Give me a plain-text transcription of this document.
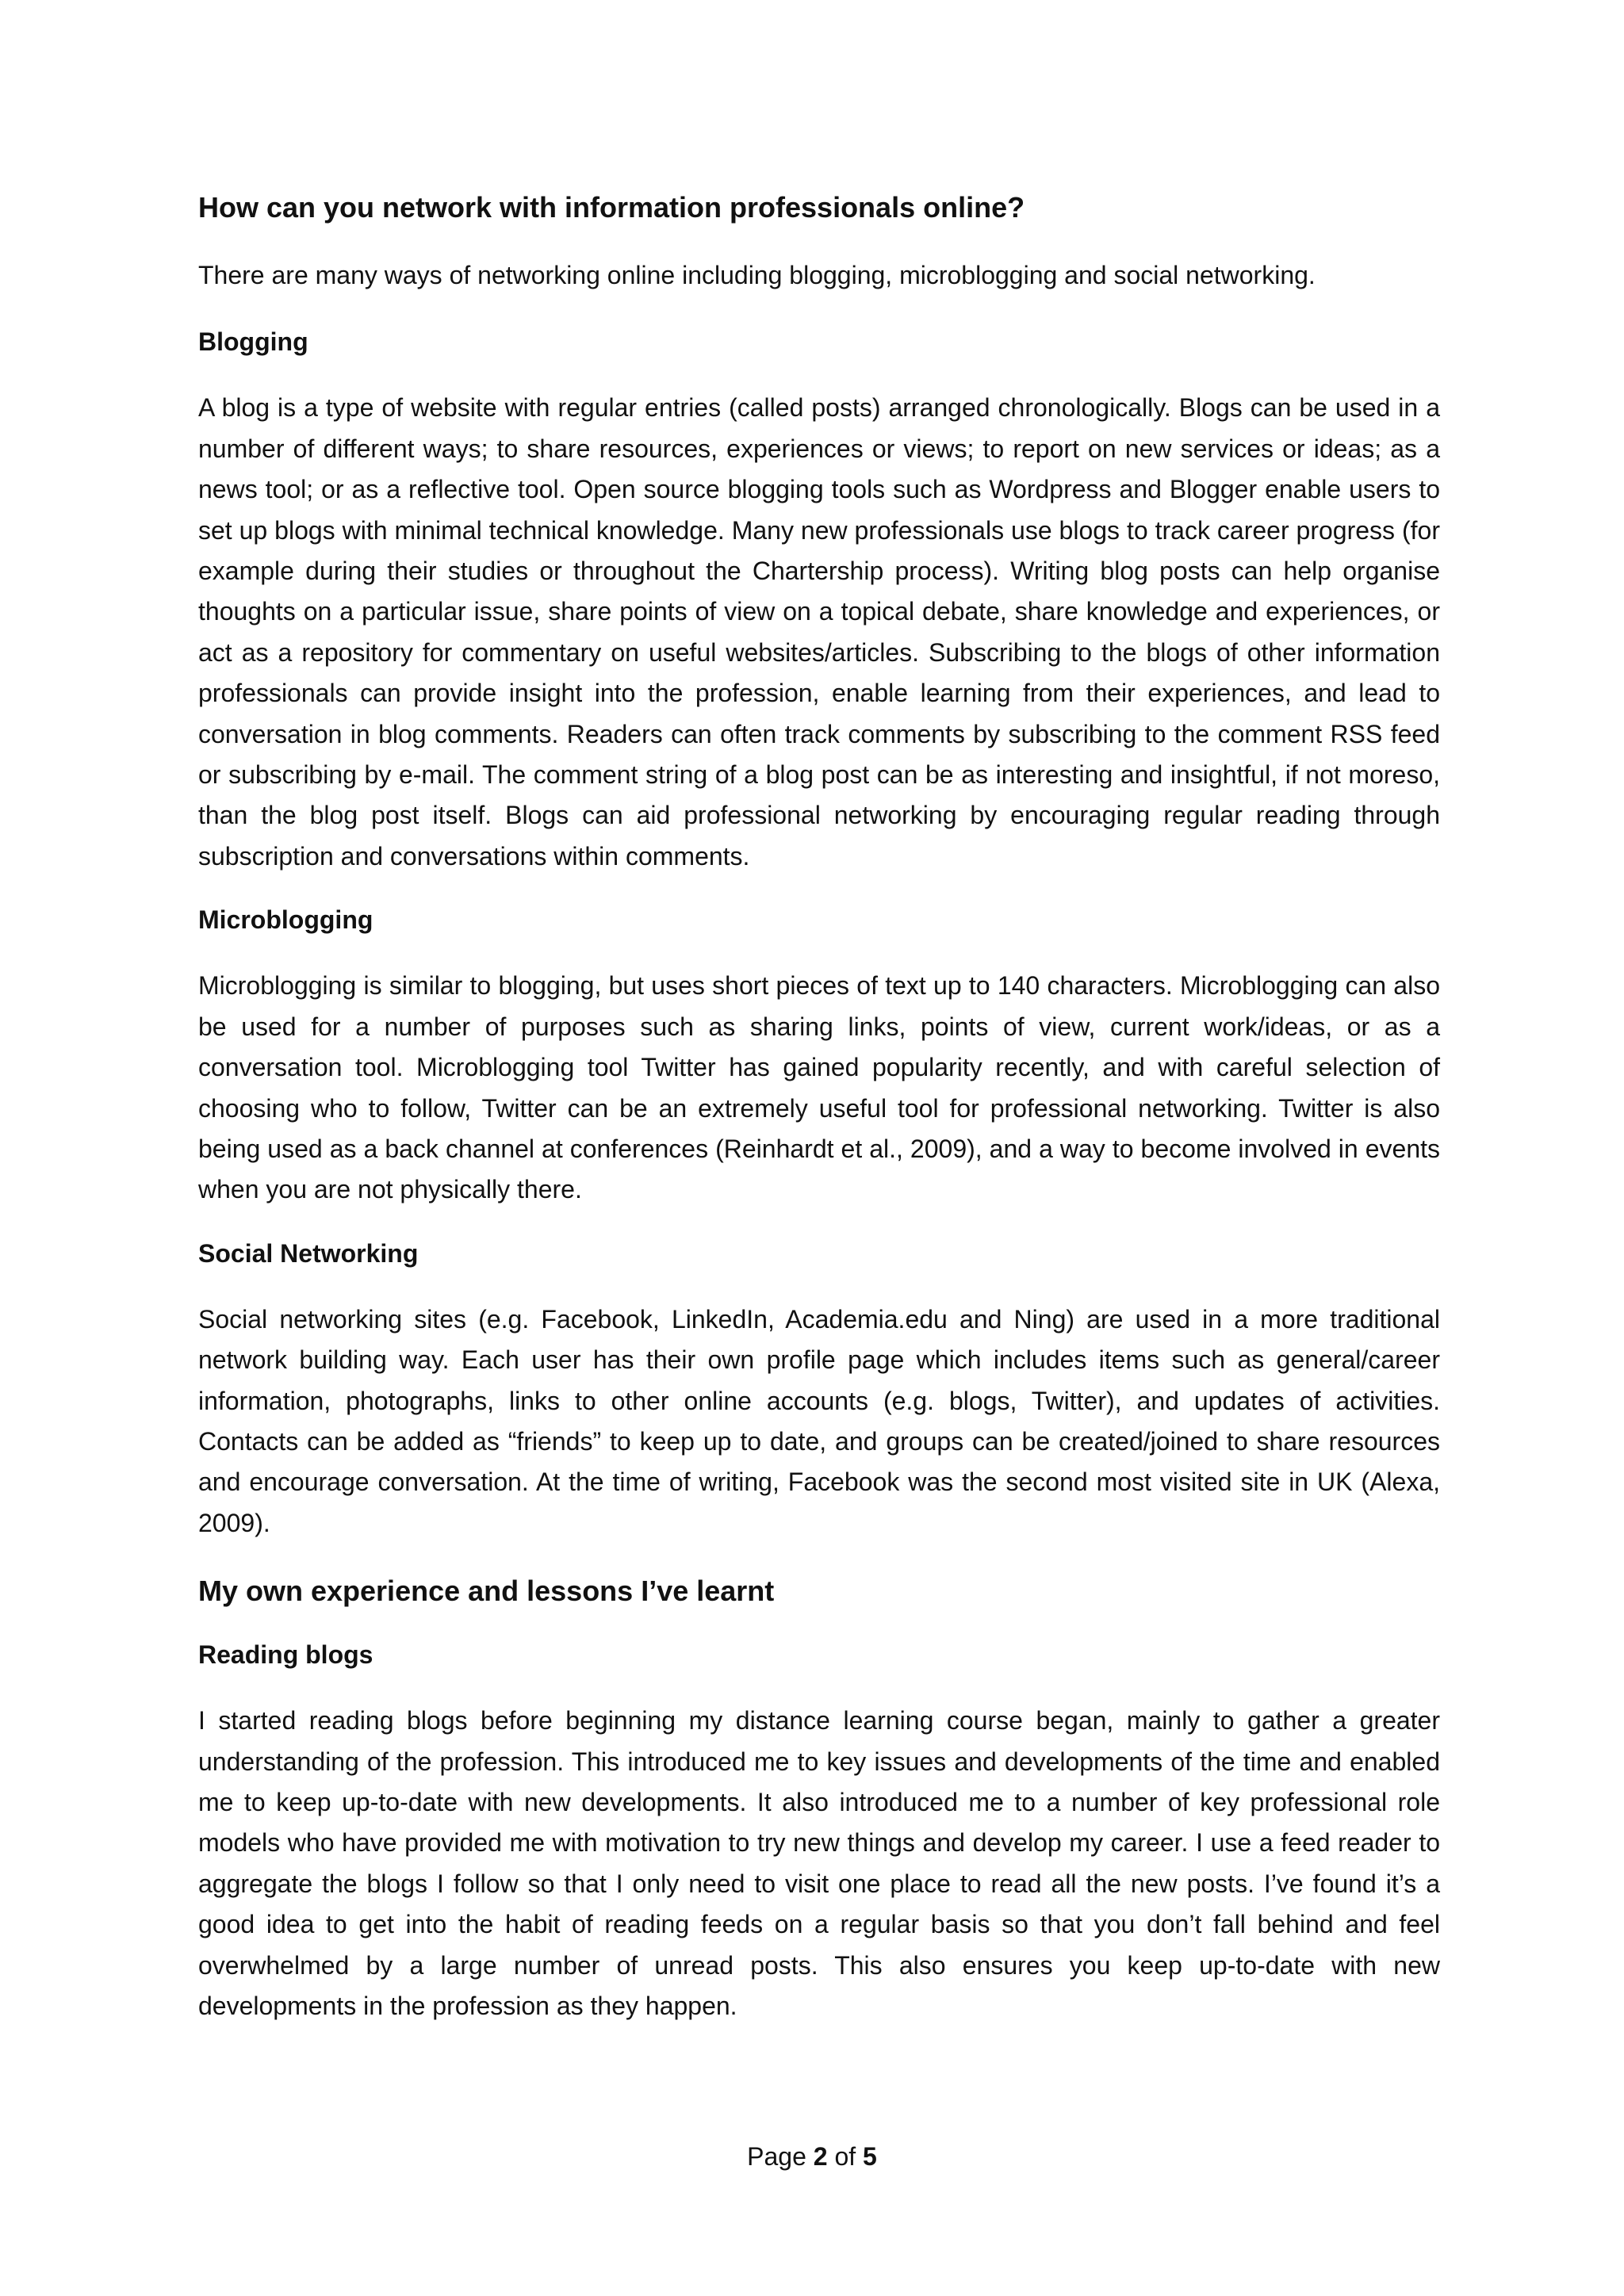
How can you network with information professionals online?
There are many ways of networking online including blogging, microblogging and social networking.
Blogging
A blog is a type of website with regular entries (called posts) arranged chronologically. Blogs can be used in a number of different ways; to share resources, experiences or views; to report on new services or ideas; as a news tool; or as a reflective tool. Open source blogging tools such as Wordpress and Blogger enable users to set up blogs with minimal technical knowledge. Many new professionals use blogs to track career progress (for example during their studies or throughout the Chartership process). Writing blog posts can help organise thoughts on a particular issue, share points of view on a topical debate, share knowledge and experiences, or act as a repository for commentary on useful websites/articles. Subscribing to the blogs of other information professionals can provide insight into the profession, enable learning from their experiences, and lead to conversation in blog comments. Readers can often track comments by subscribing to the comment RSS feed or subscribing by e-mail. The comment string of a blog post can be as interesting and insightful, if not moreso, than the blog post itself. Blogs can aid professional networking by encouraging regular reading through subscription and conversations within comments.
Microblogging
Microblogging is similar to blogging, but uses short pieces of text up to 140 characters. Microblogging can also be used for a number of purposes such as sharing links, points of view, current work/ideas, or as a conversation tool. Microblogging tool Twitter has gained popularity recently, and with careful selection of choosing who to follow, Twitter can be an extremely useful tool for professional networking. Twitter is also being used as a back channel at conferences (Reinhardt et al., 2009), and a way to become involved in events when you are not physically there.
Social Networking
Social networking sites (e.g. Facebook, LinkedIn, Academia.edu and Ning) are used in a more traditional network building way. Each user has their own profile page which includes items such as general/career information, photographs, links to other online accounts (e.g. blogs, Twitter), and updates of activities. Contacts can be added as “friends” to keep up to date, and groups can be created/joined to share resources and encourage conversation. At the time of writing, Facebook was the second most visited site in UK (Alexa, 2009).
My own experience and lessons I’ve learnt
Reading blogs
I started reading blogs before beginning my distance learning course began, mainly to gather a greater understanding of the profession. This introduced me to key issues and developments of the time and enabled me to keep up-to-date with new developments. It also introduced me to a number of key professional role models who have provided me with motivation to try new things and develop my career. I use a feed reader to aggregate the blogs I follow so that I only need to visit one place to read all the new posts. I’ve found it’s a good idea to get into the habit of reading feeds on a regular basis so that you don’t fall behind and feel overwhelmed by a large number of unread posts. This also ensures you keep up-to-date with new developments in the profession as they happen.
Page 2 of 5
